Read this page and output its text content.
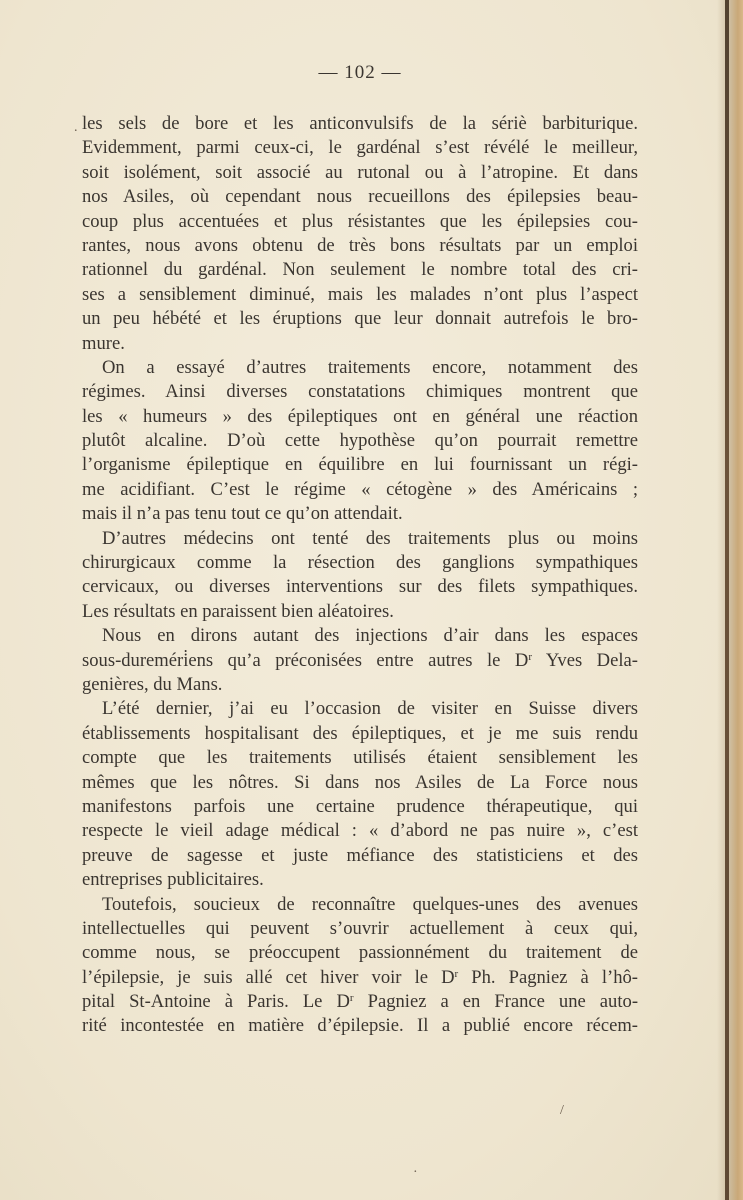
— 102 —
les sels de bore et les anticonvulsifs de la sériè barbiturique.
Evidemment, parmi ceux-ci, le gardénal s’est révélé le meilleur,
soit isolément, soit associé au rutonal ou à l’atropine. Et dans
nos Asiles, où cependant nous recueillons des épilepsies beau-
coup plus accentuées et plus résistantes que les épilepsies cou-
rantes, nous avons obtenu de très bons résultats par un emploi
rationnel du gardénal. Non seulement le nombre total des cri-
ses a sensiblement diminué, mais les malades n’ont plus l’aspect
un peu hébété et les éruptions que leur donnait autrefois le bro-
mure.
On a essayé d’autres traitements encore, notamment des
régimes. Ainsi diverses constatations chimiques montrent que
les « humeurs » des épileptiques ont en général une réaction
plutôt alcaline. D’où cette hypothèse qu’on pourrait remettre
l’organisme épileptique en équilibre en lui fournissant un régi-
me acidifiant. C’est le régime « cétogène » des Américains ;
mais il n’a pas tenu tout ce qu’on attendait.
D’autres médecins ont tenté des traitements plus ou moins
chirurgicaux comme la résection des ganglions sympathiques
cervicaux, ou diverses interventions sur des filets sympathiques.
Les résultats en paraissent bien aléatoires.
Nous en dirons autant des injections d’air dans les espaces
sous-dureméri̇ens qu’a préconisées entre autres le $D^r$ Yves Dela-
genières, du Mans.
L’été dernier, j’ai eu l’occasion de visiter en Suisse divers
établissements hospitalisant des épileptiques, et je me suis rendu
compte que les traitements utilisés étaient sensiblement les
mêmes que les nôtres. Si dans nos Asiles de La Force nous
manifestons parfois une certaine prudence thérapeutique, qui
respecte le vieil adage médical : « d’abord ne pas nuire », c’est
preuve de sagesse et juste méfiance des statisticiens et des
entreprises publicitaires.
Toutefois, soucieux de reconnaître quelques-unes des avenues
intellectuelles qui peuvent s’ouvrir actuellement à ceux qui,
comme nous, se préoccupent passionnément du traitement de
l’épilepsie, je suis allé cet hiver voir le $D^r$ Ph. Pagniez à l’hô-
pital St-Antoine à Paris. Le $D^r$ Pagniez a en France une auto-
rité incontestée en matière d’épilepsie. Il a publié encore récem-
.
/
·
